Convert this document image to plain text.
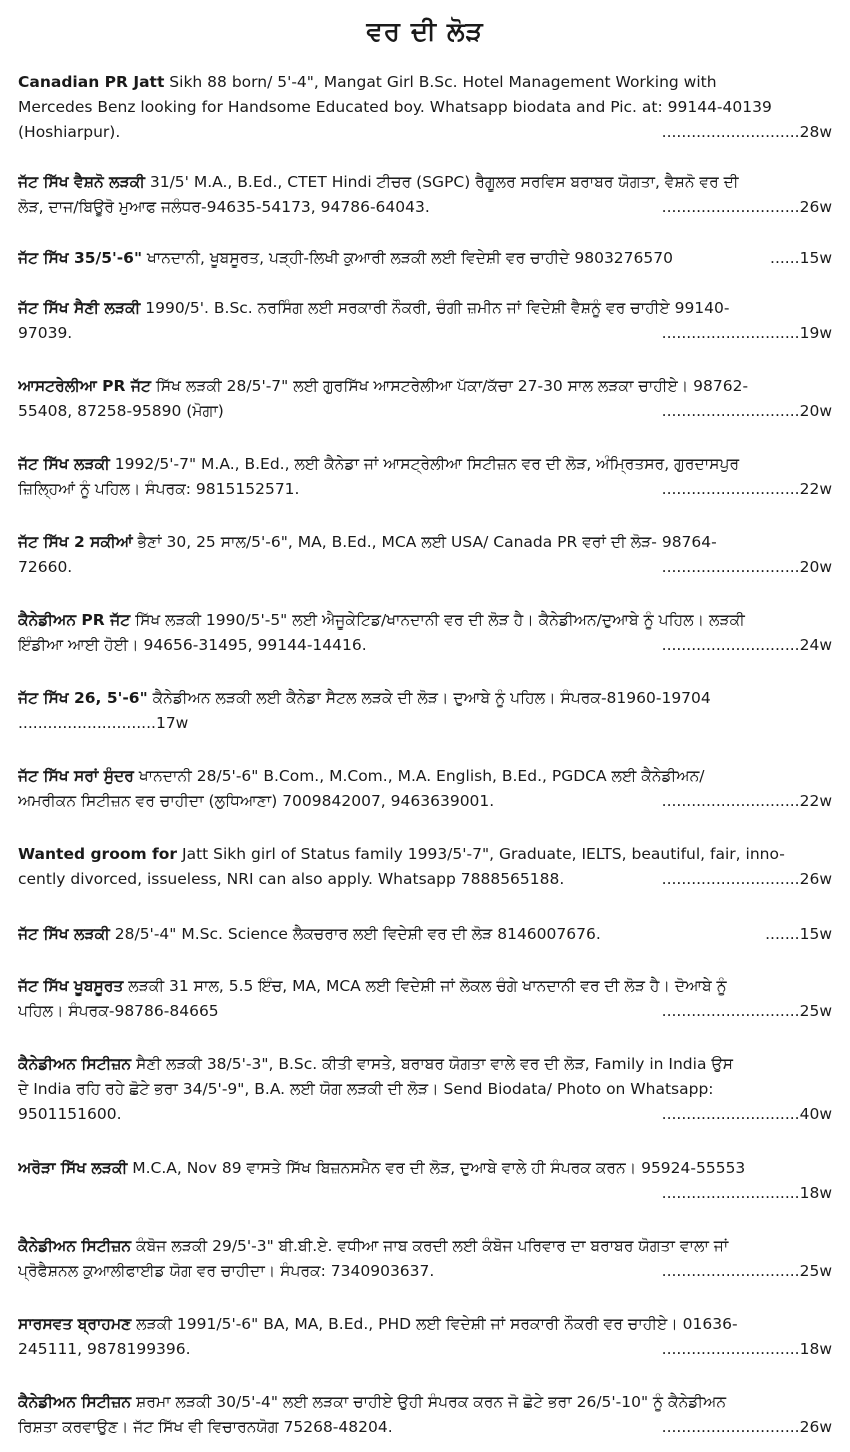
ਵਰ ਦੀ ਲੋੜ
Canadian PR Jatt Sikh 88 born/ 5'-4", Mangat Girl B.Sc. Hotel Management Working with
Mercedes Benz looking for Handsome Educated boy. Whatsapp biodata and Pic. at: 99144-40139
(Hoshiarpur).	............................28w
ਜੱਟ ਸਿੱਖ ਵੈਸ਼ਨੋ ਲੜਕੀ 31/5' M.A., B.Ed., CTET Hindi ਟੀਚਰ (SGPC) ਰੈਗੂਲਰ ਸਰਵਿਸ ਬਰਾਬਰ ਯੋਗਤਾ, ਵੈਸ਼ਨੋ ਵਰ ਦੀ
ਲੋੜ, ਦਾਜ/ਬਿਊਰੋ ਮੁਆਫ ਜਲੰਧਰ-94635-54173, 94786-64043.	............................26w
ਜੱਟ ਸਿੱਖ 35/5'-6" ਖਾਨਦਾਨੀ, ਖੂਬਸੂਰਤ, ਪੜ੍ਹੀ-ਲਿਖੀ ਕੁਆਰੀ ਲੜਕੀ ਲਈ ਵਿਦੇਸ਼ੀ ਵਰ ਚਾਹੀਦੇ 9803276570	......15w
ਜੱਟ ਸਿੱਖ ਸੈਣੀ ਲੜਕੀ 1990/5'. B.Sc. ਨਰਸਿੰਗ ਲਈ ਸਰਕਾਰੀ ਨੌਕਰੀ, ਚੰਗੀ ਜ਼ਮੀਨ ਜਾਂ ਵਿਦੇਸ਼ੀ ਵੈਸ਼ਨੂੰ ਵਰ ਚਾਹੀਏ 99140-
97039.	............................19w
ਆਸਟਰੇਲੀਆ PR ਜੱਟ ਸਿੱਖ ਲੜਕੀ 28/5'-7" ਲਈ ਗੁਰਸਿੱਖ ਆਸਟਰੇਲੀਆ ਪੱਕਾ/ਕੱਚਾ 27-30 ਸਾਲ ਲੜਕਾ ਚਾਹੀਏ। 98762-
55408, 87258-95890 (ਮੋਗਾ)	............................20w
ਜੱਟ ਸਿੱਖ ਲੜਕੀ 1992/5'-7" M.A., B.Ed., ਲਈ ਕੈਨੇਡਾ ਜਾਂ ਆਸਟ੍ਰੇਲੀਆ ਸਿਟੀਜ਼ਨ ਵਰ ਦੀ ਲੋੜ, ਅੰਮ੍ਰਿਤਸਰ, ਗੁਰਦਾਸਪੁਰ
ਜ਼ਿਲ੍ਹਿਆਂ ਨੂੰ ਪਹਿਲ। ਸੰਪਰਕ: 9815152571.	............................22w
ਜੱਟ ਸਿੱਖ 2 ਸਕੀਆਂ ਭੈਣਾਂ 30, 25 ਸਾਲ/5'-6", MA, B.Ed., MCA ਲਈ USA/ Canada PR ਵਰਾਂ ਦੀ ਲੋੜ- 98764-
72660.	............................20w
ਕੈਨੇਡੀਅਨ PR ਜੱਟ ਸਿੱਖ ਲੜਕੀ 1990/5'-5" ਲਈ ਐਜੂਕੇਟਿਡ/ਖਾਨਦਾਨੀ ਵਰ ਦੀ ਲੋੜ ਹੈ। ਕੈਨੇਡੀਅਨ/ਦੁਆਬੇ ਨੂੰ ਪਹਿਲ। ਲੜਕੀ
ਇੰਡੀਆ ਆਈ ਹੋਈ। 94656-31495, 99144-14416.	............................24w
ਜੱਟ ਸਿੱਖ 26, 5'-6" ਕੈਨੇਡੀਅਨ ਲੜਕੀ ਲਈ ਕੈਨੇਡਾ ਸੈਟਲ ਲੜਕੇ ਦੀ ਲੋੜ। ਦੁਆਬੇ ਨੂੰ ਪਹਿਲ। ਸੰਪਰਕ-81960-19704
............................17w
ਜੱਟ ਸਿੱਖ ਸਰਾਂ ਸੁੰਦਰ ਖਾਨਦਾਨੀ 28/5'-6" B.Com., M.Com., M.A. English, B.Ed., PGDCA ਲਈ ਕੈਨੇਡੀਅਨ/
ਅਮਰੀਕਨ ਸਿਟੀਜ਼ਨ ਵਰ ਚਾਹੀਦਾ (ਲੁਧਿਆਣਾ) 7009842007, 9463639001.	............................22w
Wanted groom for Jatt Sikh girl of Status family 1993/5'-7", Graduate, IELTS, beautiful, fair, inno-
cently divorced, issueless, NRI can also apply. Whatsapp 7888565188.	............................26w
ਜੱਟ ਸਿੱਖ ਲੜਕੀ 28/5'-4" M.Sc. Science ਲੈਕਚਰਾਰ ਲਈ ਵਿਦੇਸ਼ੀ ਵਰ ਦੀ ਲੋੜ 8146007676.	.......15w
ਜੱਟ ਸਿੱਖ ਖੂਬਸੂਰਤ ਲੜਕੀ 31 ਸਾਲ, 5.5 ਇੰਚ, MA, MCA ਲਈ ਵਿਦੇਸ਼ੀ ਜਾਂ ਲੋਕਲ ਚੰਗੇ ਖਾਨਦਾਨੀ ਵਰ ਦੀ ਲੋੜ ਹੈ। ਦੋਆਬੇ ਨੂੰ
ਪਹਿਲ। ਸੰਪਰਕ-98786-84665	............................25w
ਕੈਨੇਡੀਅਨ ਸਿਟੀਜ਼ਨ ਸੈਣੀ ਲੜਕੀ 38/5'-3", B.Sc. ਕੀਤੀ ਵਾਸਤੇ, ਬਰਾਬਰ ਯੋਗਤਾ ਵਾਲੇ ਵਰ ਦੀ ਲੋੜ, Family in India ਉਸ
ਦੇ India ਰਹਿ ਰਹੇ ਛੋਟੇ ਭਰਾ 34/5'-9", B.A. ਲਈ ਯੋਗ ਲੜਕੀ ਦੀ ਲੋੜ। Send Biodata/ Photo on Whatsapp:
9501151600.	............................40w
ਅਰੋੜਾ ਸਿੱਖ ਲੜਕੀ M.C.A, Nov 89 ਵਾਸਤੇ ਸਿੱਖ ਬਿਜ਼ਨਸਮੈਨ ਵਰ ਦੀ ਲੋੜ, ਦੁਆਬੇ ਵਾਲੇ ਹੀ ਸੰਪਰਕ ਕਰਨ। 95924-55553
............................18w
ਕੈਨੇਡੀਅਨ ਸਿਟੀਜ਼ਨ ਕੰਬੋਜ ਲੜਕੀ 29/5'-3" ਬੀ.ਬੀ.ਏ. ਵਧੀਆ ਜਾਬ ਕਰਦੀ ਲਈ ਕੰਬੋਜ ਪਰਿਵਾਰ ਦਾ ਬਰਾਬਰ ਯੋਗਤਾ ਵਾਲਾ ਜਾਂ
ਪ੍ਰੋਫੈਸ਼ਨਲ ਕੁਆਲੀਫਾਈਡ ਯੋਗ ਵਰ ਚਾਹੀਦਾ। ਸੰਪਰਕ: 7340903637.	............................25w
ਸਾਰਸਵਤ ਬ੍ਰਾਹਮਣ ਲੜਕੀ 1991/5'-6" BA, MA, B.Ed., PHD ਲਈ ਵਿਦੇਸ਼ੀ ਜਾਂ ਸਰਕਾਰੀ ਨੌਕਰੀ ਵਰ ਚਾਹੀਏ। 01636-
245111, 9878199396.	............................18w
ਕੈਨੇਡੀਅਨ ਸਿਟੀਜ਼ਨ ਸ਼ਰਮਾ ਲੜਕੀ 30/5'-4" ਲਈ ਲੜਕਾ ਚਾਹੀਏ ਉਹੀ ਸੰਪਰਕ ਕਰਨ ਜੋ ਛੋਟੇ ਭਰਾ 26/5'-10" ਨੂੰ ਕੈਨੇਡੀਅਨ
ਰਿਸ਼ਤਾ ਕਰਵਾਉਣ। ਜੱਟ ਸਿੱਖ ਵੀ ਵਿਚਾਰਨਯੋਗ 75268-48204.	............................26w
